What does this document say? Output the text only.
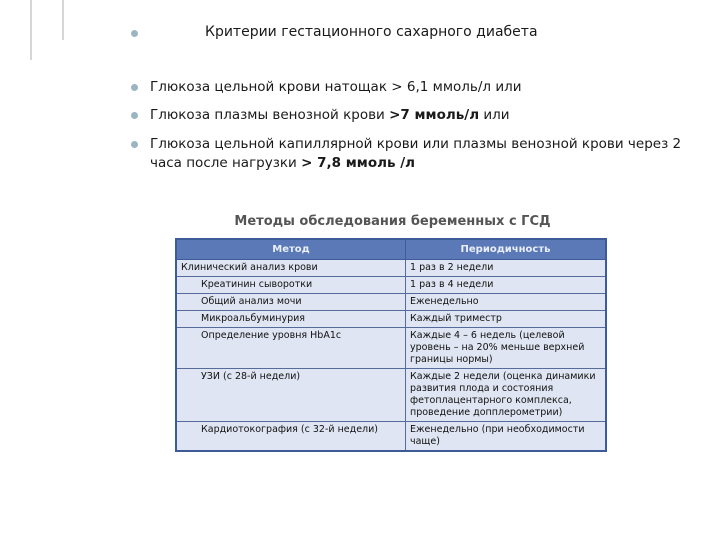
Критерии гестационного сахарного диабета
Глюкоза цельной крови натощак > 6,1 ммоль/л или
Глюкоза плазмы венозной крови >7 ммоль/л или
Глюкоза цельной капиллярной крови или плазмы венозной крови через 2 часа после нагрузки > 7,8 ммоль /л
Методы обследования беременных с ГСД
Метод	Периодичность
Клинический анализ крови	1 раз в 2 недели
Креатинин сыворотки	1 раз в 4 недели
Общий анализ мочи	Еженедельно
Микроальбуминурия	Каждый триместр
Определение уровня HbA1c	Каждые 4 – 6 недель (целевой уровень – на 20% меньше верхней границы нормы)
УЗИ (с 28-й недели)	Каждые 2 недели (оценка динамики развития плода и состояния фетоплацентарного комплекса, проведение допплерометрии)
Кардиотокография (с 32-й недели)	Еженедельно (при необходимости чаще)
